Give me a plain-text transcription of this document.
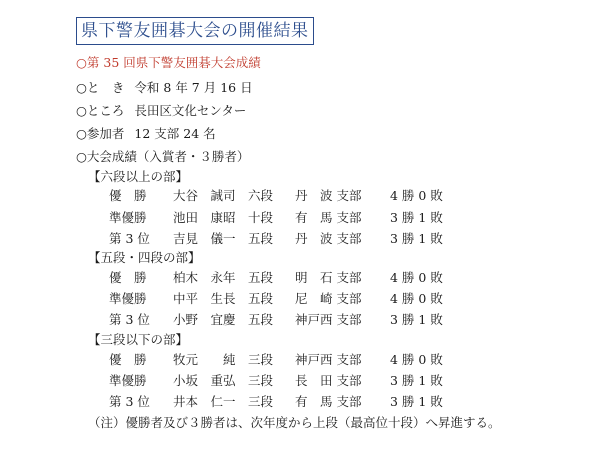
県下警友囲碁大会の開催結果
○第 35 回県下警友囲碁大会成績
○と　き 令和 8 年 7 月 16 日
○ところ 長田区文化センター
○参加者 12 支部 24 名
○大会成績（入賞者・３勝者）
【六段以上の部】
優　勝	大谷　誠司 六段	丹　波 支部	4 勝 0 敗
準優勝	池田　康昭 十段	有　馬 支部	3 勝 1 敗
第 3 位	吉見　儀一 五段	丹　波 支部	3 勝 1 敗
【五段・四段の部】
優　勝	柏木　永年 五段	明　石 支部	4 勝 0 敗
準優勝	中平　生長 五段	尼　崎 支部	4 勝 0 敗
第 3 位	小野　宜慶 五段	神戸西 支部	3 勝 1 敗
【三段以下の部】
優　勝	牧元　　純 三段	神戸西 支部	4 勝 0 敗
準優勝	小坂　重弘 三段	長　田 支部	3 勝 1 敗
第 3 位	井本　仁一 三段	有　馬 支部	3 勝 1 敗
（注）優勝者及び３勝者は、次年度から上段（最高位十段）へ昇進する。
